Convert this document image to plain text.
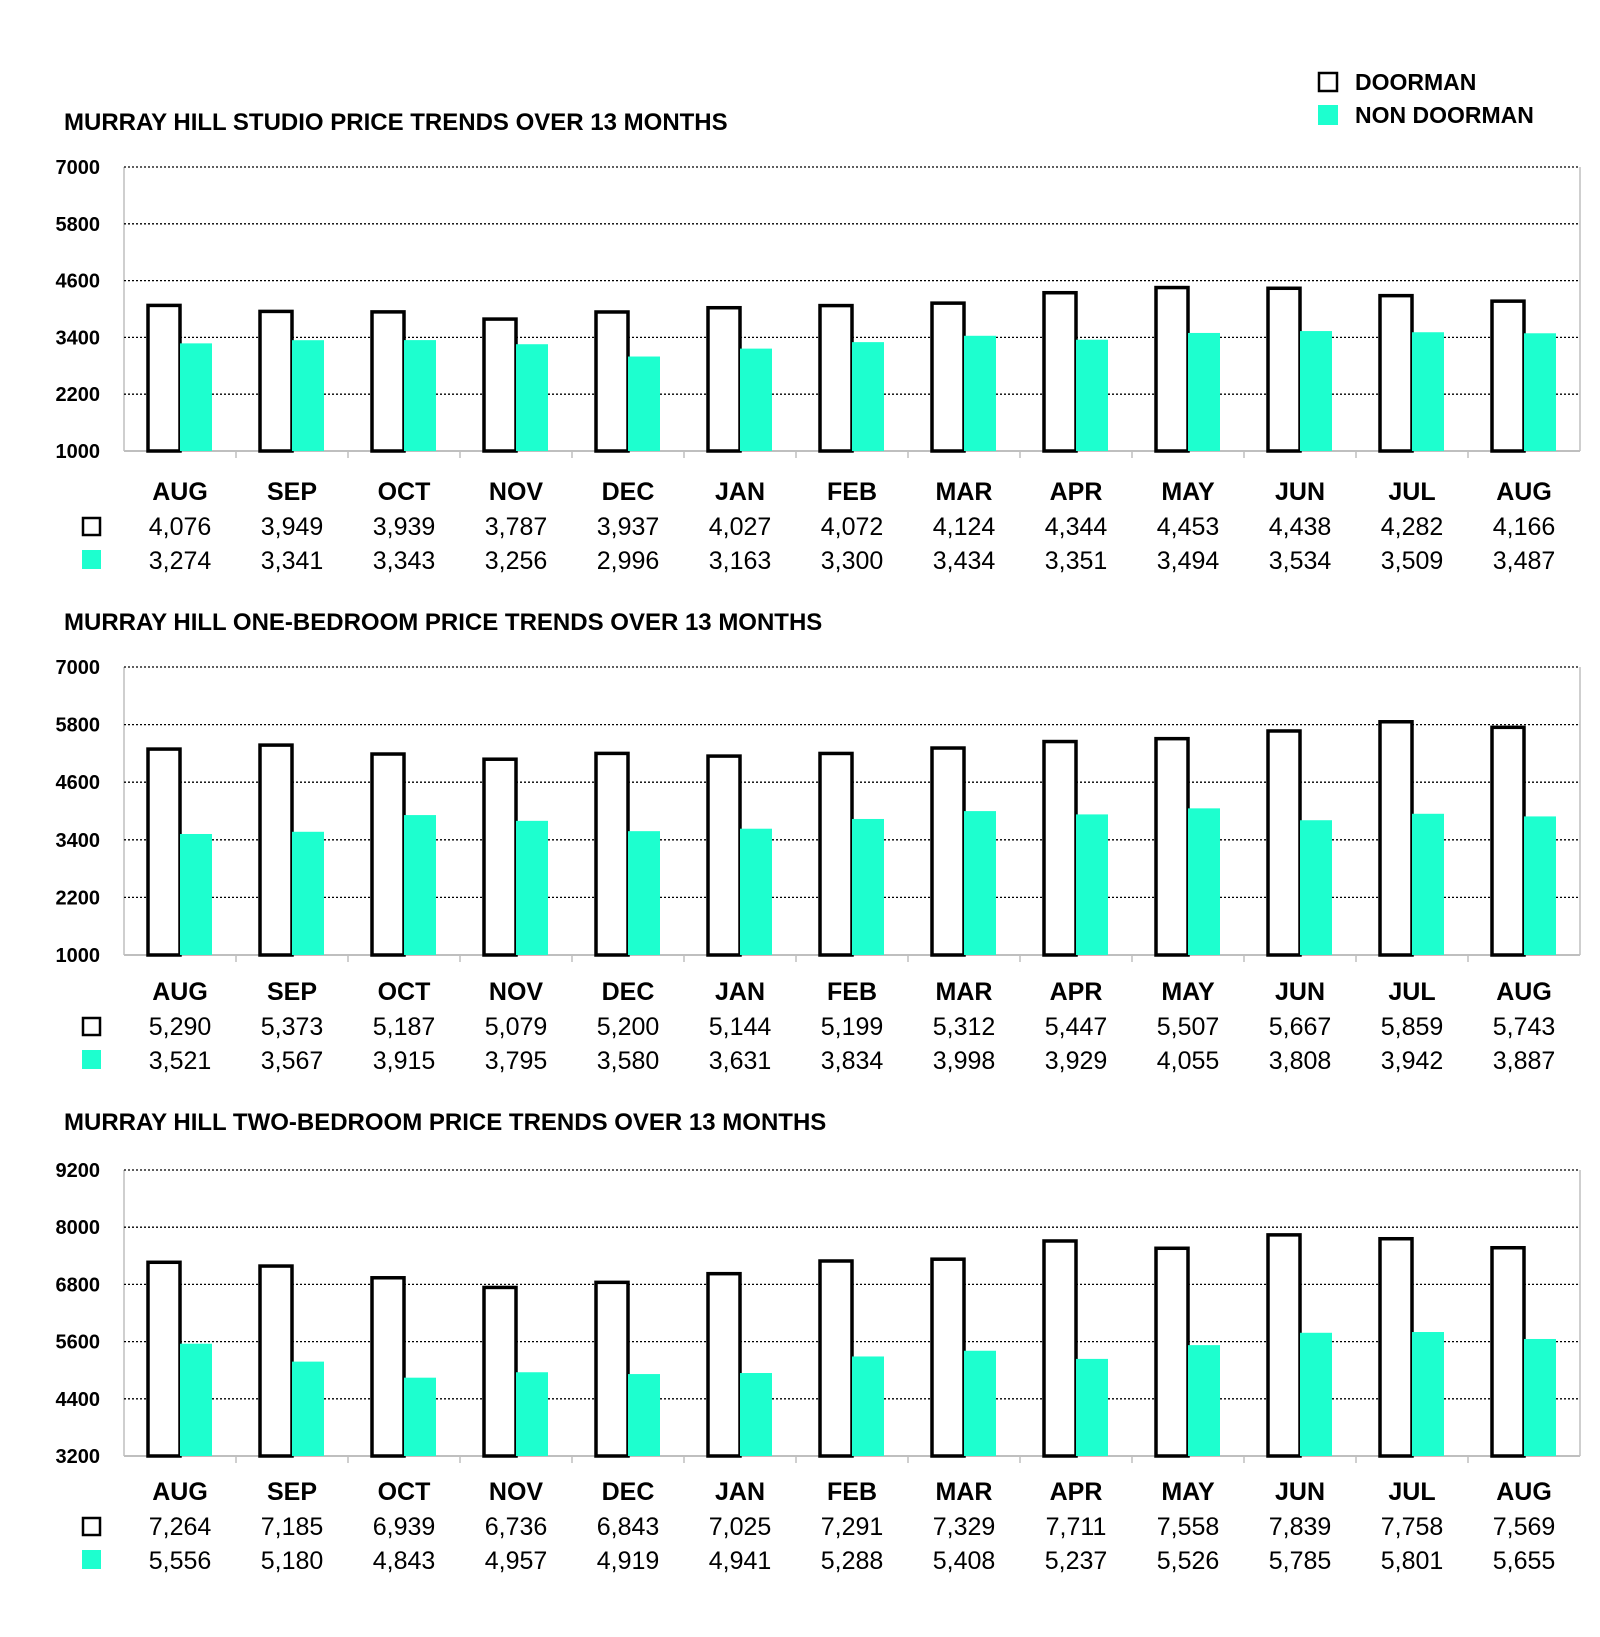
DOORMAN
NON DOORMAN
MURRAY HILL STUDIO PRICE TRENDS OVER 13 MONTHS
1000
2200
3400
4600
5800
7000
AUG
4,076
3,274
SEP
3,949
3,341
OCT
3,939
3,343
NOV
3,787
3,256
DEC
3,937
2,996
JAN
4,027
3,163
FEB
4,072
3,300
MAR
4,124
3,434
APR
4,344
3,351
MAY
4,453
3,494
JUN
4,438
3,534
JUL
4,282
3,509
AUG
4,166
3,487
MURRAY HILL ONE-BEDROOM PRICE TRENDS OVER 13 MONTHS
1000
2200
3400
4600
5800
7000
AUG
5,290
3,521
SEP
5,373
3,567
OCT
5,187
3,915
NOV
5,079
3,795
DEC
5,200
3,580
JAN
5,144
3,631
FEB
5,199
3,834
MAR
5,312
3,998
APR
5,447
3,929
MAY
5,507
4,055
JUN
5,667
3,808
JUL
5,859
3,942
AUG
5,743
3,887
MURRAY HILL TWO-BEDROOM PRICE TRENDS OVER 13 MONTHS
3200
4400
5600
6800
8000
9200
AUG
7,264
5,556
SEP
7,185
5,180
OCT
6,939
4,843
NOV
6,736
4,957
DEC
6,843
4,919
JAN
7,025
4,941
FEB
7,291
5,288
MAR
7,329
5,408
APR
7,711
5,237
MAY
7,558
5,526
JUN
7,839
5,785
JUL
7,758
5,801
AUG
7,569
5,655
